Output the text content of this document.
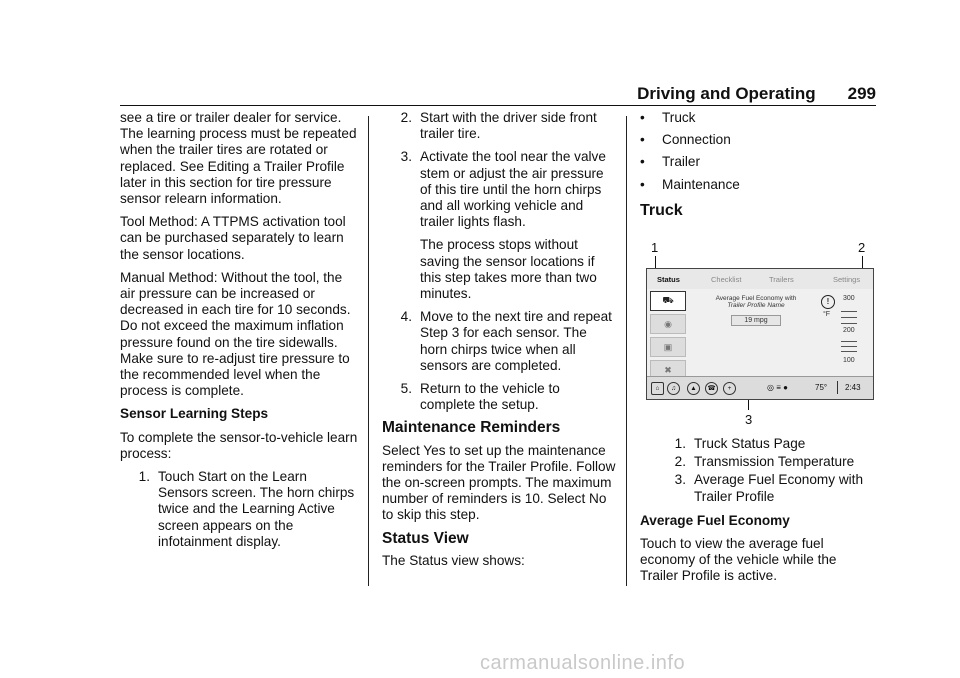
Driving and Operating 299

see a tire or trailer dealer for service. The learning process must be repeated when the trailer tires are rotated or replaced. See Editing a Trailer Profile later in this section for tire pressure sensor relearn information.

Tool Method: A TTPMS activation tool can be purchased separately to learn the sensor locations.

Manual Method: Without the tool, the air pressure can be increased or decreased in each tire for 10 seconds. Do not exceed the maximum inflation pressure found on the tire sidewalls. Make sure to re-adjust tire pressure to the recommended level when the process is complete.

Sensor Learning Steps

To complete the sensor-to-vehicle learn process:

1. Touch Start on the Learn Sensors screen. The horn chirps twice and the Learning Active screen appears on the infotainment display.
2. Start with the driver side front trailer tire.
3. Activate the tool near the valve stem or adjust the air pressure of this tire until the horn chirps and all working vehicle and trailer lights flash.
The process stops without saving the sensor locations if this step takes more than two minutes.
4. Move to the next tire and repeat Step 3 for each sensor. The horn chirps twice when all sensors are completed.
5. Return to the vehicle to complete the setup.
Maintenance Reminders

Select Yes to set up the maintenance reminders for the Trailer Profile. Follow the on-screen prompts. The maximum number of reminders is 10. Select No to skip this step.

Status View

The Status view shows:

•	Truck
•	Connection
•	Trailer
•	Maintenance
Truck
1	2
3
Status	Checklist	Trailers	Settings
⛟
◉
▣
✖
Average Fuel Economy with
Trailer Profile Name
19 mpg
!
°F
300
200
100
⌂	♫	▲	☎	+	◎ ≡ ●	75° 2:43
1. Truck Status Page
2. Transmission Temperature
3. Average Fuel Economy with Trailer Profile

Average Fuel Economy

Touch to view the average fuel economy of the vehicle while the Trailer Profile is active.

carmanualsonline.info
